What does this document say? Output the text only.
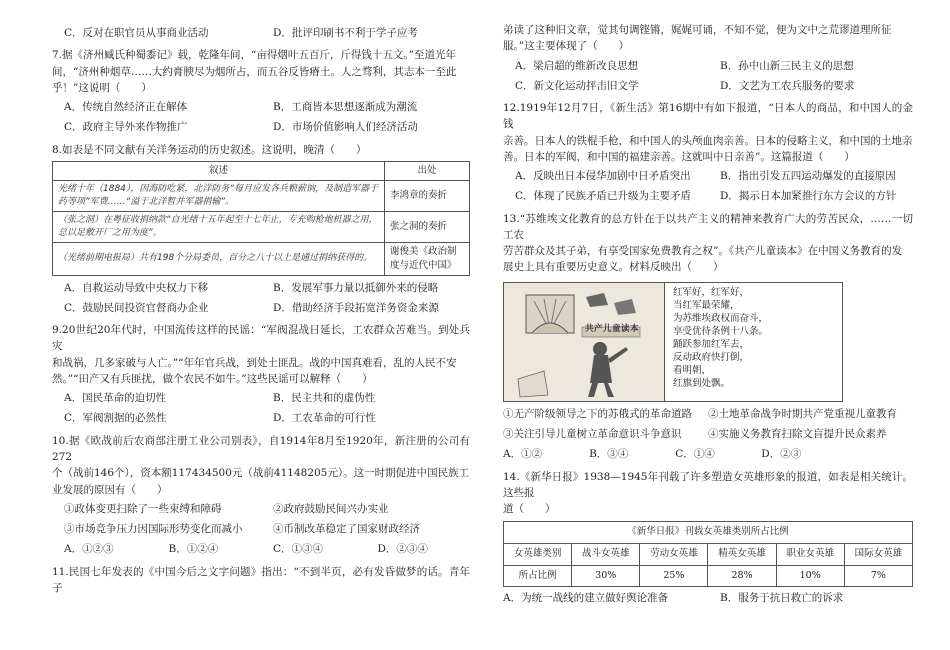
C．反对在职官员从事商业活动	D．批评印刷书不利于学子应考
7.据《济州臧氏种蜀黍记》载，乾隆年间，“亩得烟叶五百斤，斤得钱十五文。”至道光年
间，“济州种烟草……大约膏腴尽为烟所占，而五谷反皆瘠土。人之骛利，其志本一至此
乎！”这说明（　　）
A．传统自然经济正在解体	B．工商皆本思想逐渐成为潮流
C．政府主导外来作物推广	D．市场价值影响人们经济活动
8.如表是不同文献有关洋务运动的历史叙述。这说明，晚清（　　）
叙述	出处
光绪十年（1884），因海防吃紧，北洋防务“每月应发各兵粮薪饷，及制造军器于药等项”军费……“溢于北洋暂并军器捐输”。	李鸿章的奏折
（张之洞）在粤征收捐纳款“自光绪十五年起至十七年止，专充购枪炮机器之用，总以足敷开厂之用为度”。	张之洞的奏折
（光绪前期电报局）共有198个分局委员，百分之八十以上是通过捐纳获得的。	谢俊美《政治制度与近代中国》
A．自救运动导致中央权力下移	B．发展军事力量以抵御外来的侵略
C．鼓励民间投资官督商办企业	D．借助经济手段拓宽洋务资金来源
9.20世纪20年代时，中国流传这样的民谣：“军阀混战日延长，工农群众苦难当。到处兵灾
和战祸，几多家破与人亡。”“年年官兵战，到处土匪乱。战的中国真难看，乱的人民不安
然。”“田产又有兵匪扰，做个农民不如牛。”这些民谣可以解释（　　）
A．国民革命的迫切性	B．民主共和的虚伪性
C．军阀割据的必然性	D．工农革命的可行性
10.据《欧战前后农商部注册工业公司别表》，自1914年8月至1920年，新注册的公司有272
个（战前146个），资本额117434500元（战前41148205元）。这一时期促进中国民族工
业发展的原因有（　　）
①政体变更扫除了一些束缚和障碍	②政府鼓励民间兴办实业
③市场竞争压力因国际形势变化而减小	④币制改革稳定了国家财政经济
A．①②③	B．①②④	C．①③④	D．②③④
11.民国七年发表的《中国今后之文字问题》指出：“不到半页，必有发昏做梦的话。青年子
弟读了这种旧文章，觉其句调铿锵，娓娓可诵，不知不觉，便为文中之荒谬道理所征
服。”这主要体现了（　　）
A．梁启超的维新改良思想	B．孙中山新三民主义的思想
C．新文化运动抨击旧文学	D．文艺为工农兵服务的要求
12.1919年12月7日，《新生活》第16期中有如下报道，“日本人的商品，和中国人的金钱
亲善。日本人的铁棍手枪，和中国人的头颅血肉亲善。日本的侵略主义，和中国的土地亲
善。日本的军阀，和中国的福建亲善。这就叫中日亲善”。这篇报道（　　）
A．反映出日本侵华加剧中日矛盾突出	B．指出引发五四运动爆发的直接原因
C．体现了民族矛盾已升级为主要矛盾	D．揭示日本加紧推行东方会议的方针
13.“苏维埃文化教育的总方针在于以共产主义的精神来教育广大的劳苦民众，……一切工农
劳苦群众及其子弟，有享受国家免费教育之权”。《共产儿童读本》在中国义务教育的发
展史上具有重要历史意义。材料反映出（　　）
共产儿童读本
红军好，红军好，
当红军最荣耀，
为苏维埃政权而奋斗，
享受优待条例十八条。
踊跃参加红军去，
反动政府快打倒，
看明朝，
红旗到处飘。
①无产阶级领导之下的苏俄式的革命道路	②土地革命战争时期共产党重视儿童教育
③关注引导儿童树立革命意识斗争意识	④实施义务教育扫除文盲提升民众素养
A．①②	B．③④	C．①④	D．②③
14.《新华日报》1938—1945年刊载了许多塑造女英雄形象的报道，如表是相关统计。这些报
道（　　）
《新华日报》刊载女英雄类别所占比例					
女英雄类别	战斗女英雄	劳动女英雄	精英女英雄	职业女英雄	国际女英雄
所占比例	30%	25%	28%	10%	7%
A．为统一战线的建立做好舆论准备	B．服务于抗日救亡的诉求
